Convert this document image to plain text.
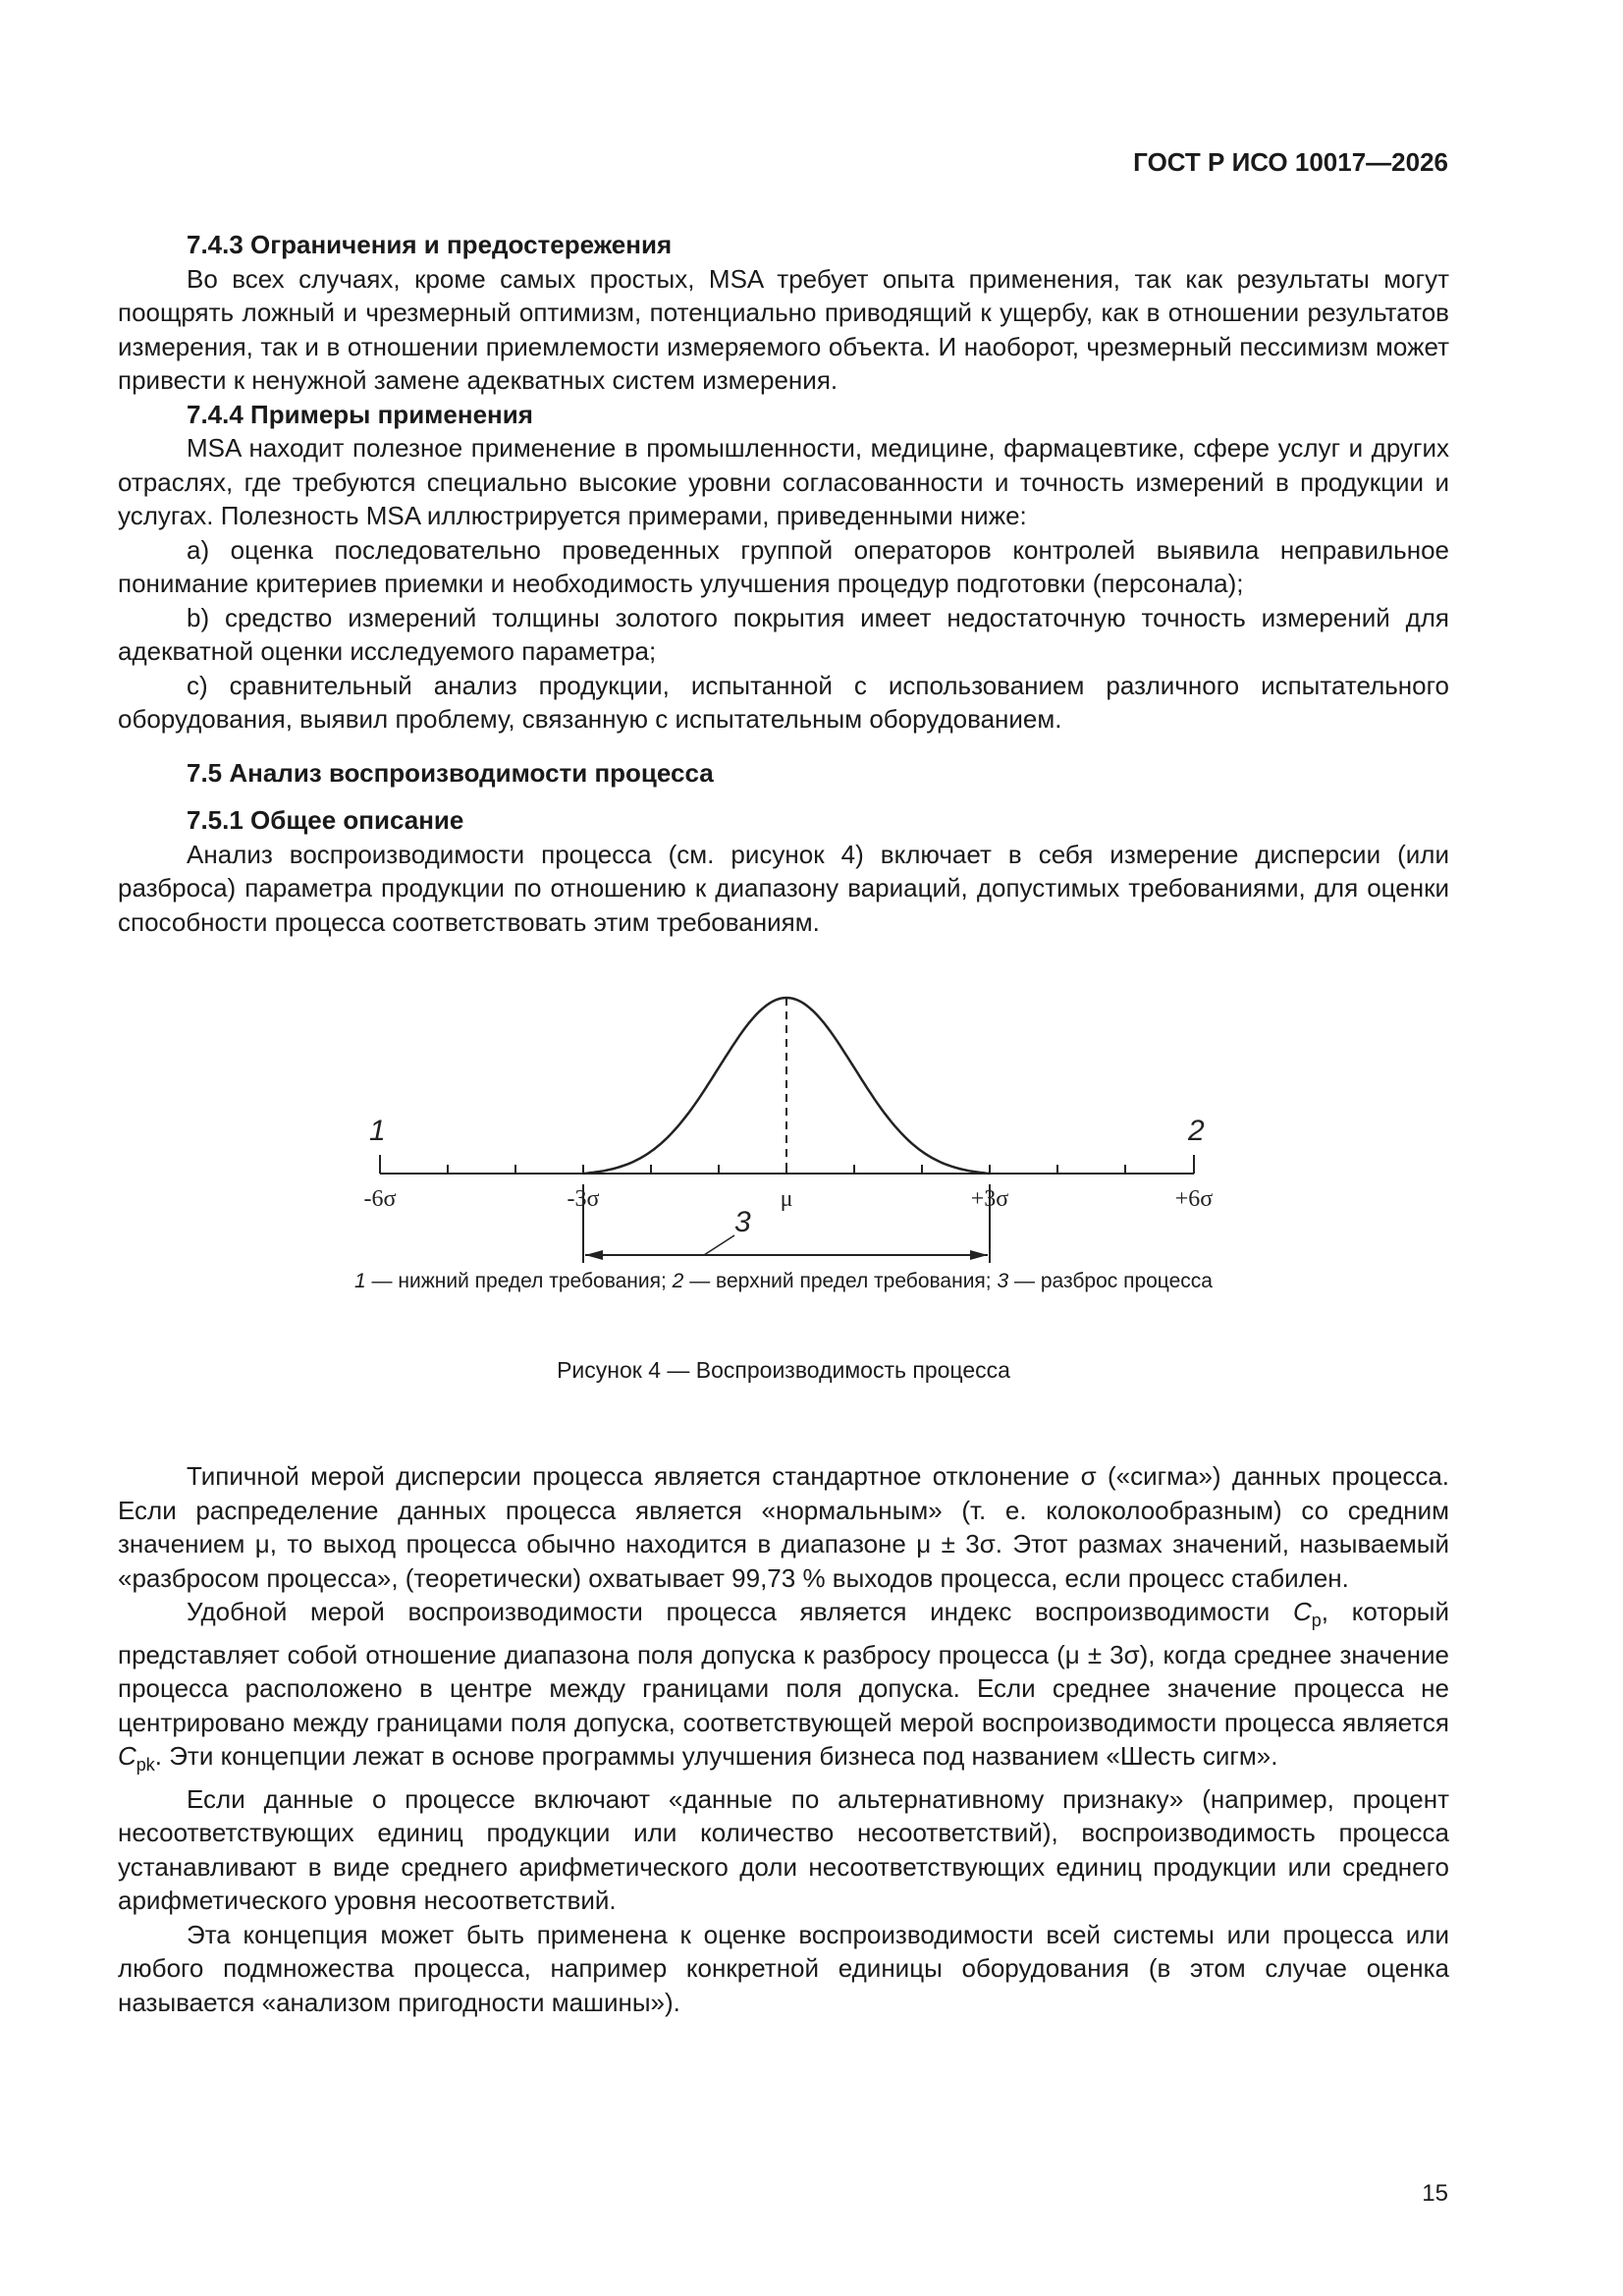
ГОСТ Р ИСО 10017—2026
7.4.3 Ограничения и предостережения

Во всех случаях, кроме самых простых, MSA требует опыта применения, так как результаты могут поощрять ложный и чрезмерный оптимизм, потенциально приводящий к ущербу, как в отношении результатов измерения, так и в отношении приемлемости измеряемого объекта. И наоборот, чрезмерный пессимизм может привести к ненужной замене адекватных систем измерения.

7.4.4 Примеры применения

MSA находит полезное применение в промышленности, медицине, фармацевтике, сфере услуг и других отраслях, где требуются специально высокие уровни согласованности и точность измерений в продукции и услугах. Полезность MSA иллюстрируется примерами, приведенными ниже:

a) оценка последовательно проведенных группой операторов контролей выявила неправильное понимание критериев приемки и необходимость улучшения процедур подготовки (персонала);

b) средство измерений толщины золотого покрытия имеет недостаточную точность измерений для адекватной оценки исследуемого параметра;

c) сравнительный анализ продукции, испытанной с использованием различного испытательного оборудования, выявил проблему, связанную с испытательным оборудованием.

7.5 Анализ воспроизводимости процесса
7.5.1 Общее описание

Анализ воспроизводимости процесса (см. рисунок 4) включает в себя измерение дисперсии (или разброса) параметра продукции по отношению к диапазону вариаций, допустимых требованиями, для оценки способности процесса соответствовать этим требованиям.

1	2
3
-6σ	-3σ	μ	+3σ	+6σ
1 — нижний предел требования; 2 — верхний предел требования; 3 — разброс процесса
Рисунок 4 — Воспроизводимость процесса

Типичной мерой дисперсии процесса является стандартное отклонение σ («сигма») данных процесса. Если распределение данных процесса является «нормальным» (т. е. колоколообразным) со средним значением μ, то выход процесса обычно находится в диапазоне μ ± 3σ. Этот размах значений, называемый «разбросом процесса», (теоретически) охватывает 99,73 % выходов процесса, если процесс стабилен.

Удобной мерой воспроизводимости процесса является индекс воспроизводимости $C_p$, который представляет собой отношение диапазона поля допуска к разбросу процесса (μ ± 3σ), когда среднее значение процесса расположено в центре между границами поля допуска. Если среднее значение процесса не центрировано между границами поля допуска, соответствующей мерой воспроизводимости процесса является $C_{pk}$. Эти концепции лежат в основе программы улучшения бизнеса под названием «Шесть сигм».

Если данные о процессе включают «данные по альтернативному признаку» (например, процент несоответствующих единиц продукции или количество несоответствий), воспроизводимость процесса устанавливают в виде среднего арифметического доли несоответствующих единиц продукции или среднего арифметического уровня несоответствий.

Эта концепция может быть применена к оценке воспроизводимости всей системы или процесса или любого подмножества процесса, например конкретной единицы оборудования (в этом случае оценка называется «анализом пригодности машины»).

15
